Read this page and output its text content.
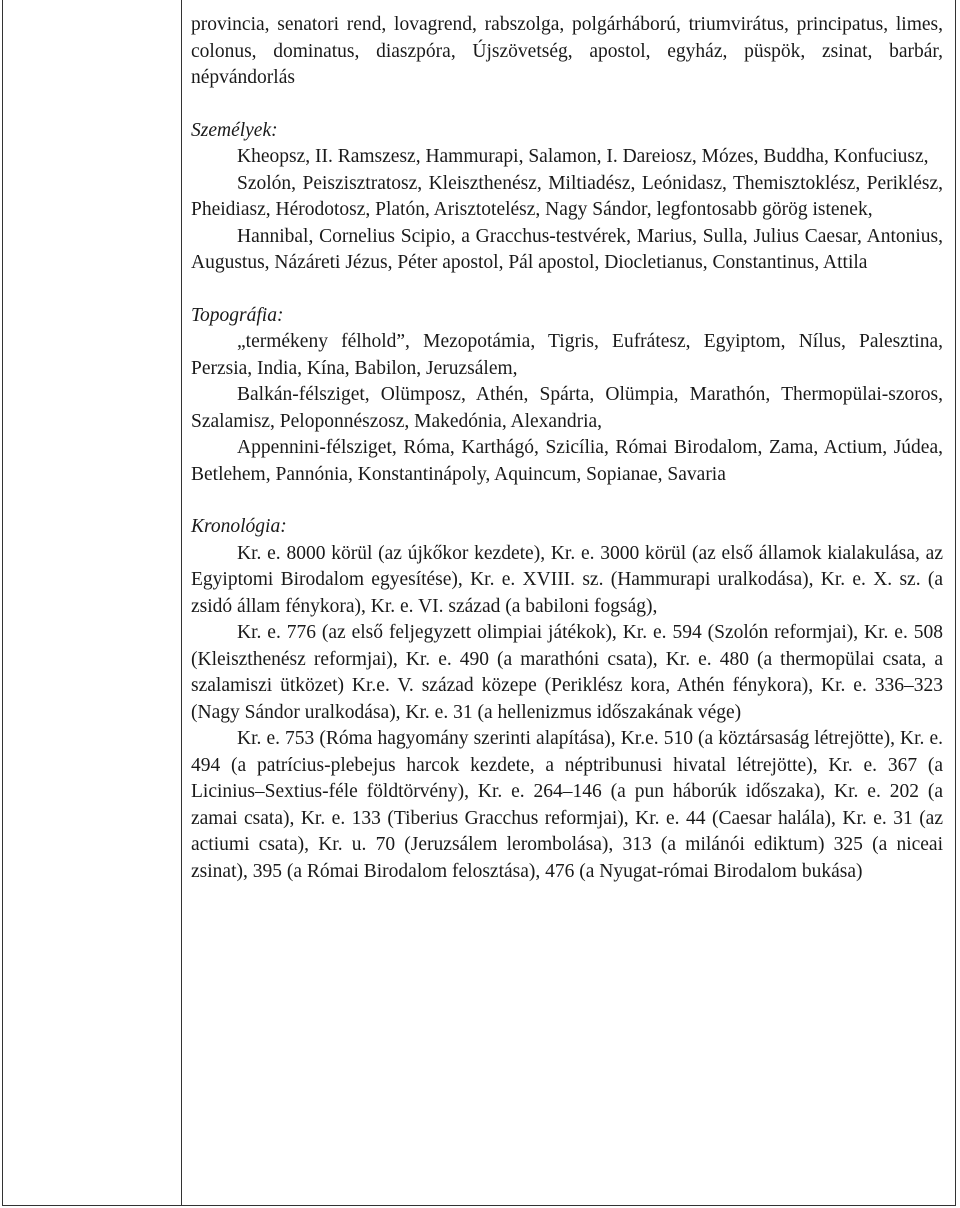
provincia, senatori rend, lovagrend, rabszolga, polgárháború, triumvirátus, principatus, limes, colonus, dominatus, diaszpóra, Újszövetség, apostol, egyház, püspök, zsinat, barbár, népvándorlás

Személyek:

Kheopsz, II. Ramszesz, Hammurapi, Salamon, I. Dareiosz, Mózes, Buddha, Konfuciusz,

Szolón, Peiszisztratosz, Kleiszthenész, Miltiadész, Leónidasz, Themisztoklész, Periklész, Pheidiasz, Hérodotosz, Platón, Arisztotelész, Nagy Sándor, legfontosabb görög istenek,

Hannibal, Cornelius Scipio, a Gracchus-testvérek, Marius, Sulla, Julius Caesar, Antonius, Augustus, Názáreti Jézus, Péter apostol, Pál apostol, Diocletianus, Constantinus, Attila

Topográfia:

„termékeny félhold”, Mezopotámia, Tigris, Eufrátesz, Egyiptom, Nílus, Palesztina, Perzsia, India, Kína, Babilon, Jeruzsálem,

Balkán-félsziget, Olümposz, Athén, Spárta, Olümpia, Marathón, Thermopülai-szoros, Szalamisz, Peloponnészosz, Makedónia, Alexandria,

Appennini-félsziget, Róma, Karthágó, Szicília, Római Birodalom, Zama, Actium, Júdea, Betlehem, Pannónia, Konstantinápoly, Aquincum, Sopianae, Savaria

Kronológia:

Kr. e. 8000 körül (az újkőkor kezdete), Kr. e. 3000 körül (az első államok kialakulása, az Egyiptomi Birodalom egyesítése), Kr. e. XVIII. sz. (Hammurapi uralkodása), Kr. e. X. sz. (a zsidó állam fénykora), Kr. e. VI. század (a babiloni fogság),

Kr. e. 776 (az első feljegyzett olimpiai játékok), Kr. e. 594 (Szolón reformjai), Kr. e. 508 (Kleiszthenész reformjai), Kr. e. 490 (a marathóni csata), Kr. e. 480 (a thermopülai csata, a szalamiszi ütközet) Kr.e. V. század közepe (Periklész kora, Athén fénykora), Kr. e. 336–323 (Nagy Sándor uralkodása), Kr. e. 31 (a hellenizmus időszakának vége)

Kr. e. 753 (Róma hagyomány szerinti alapítása), Kr.e. 510 (a köztársaság létrejötte), Kr. e. 494 (a patrícius-plebejus harcok kezdete, a néptribunusi hivatal létrejötte), Kr. e. 367 (a Licinius–Sextius-féle földtörvény), Kr. e. 264–146 (a pun háborúk időszaka), Kr. e. 202 (a zamai csata), Kr. e. 133 (Tiberius Gracchus reformjai), Kr. e. 44 (Caesar halála), Kr. e. 31 (az actiumi csata), Kr. u. 70 (Jeruzsálem lerombolása), 313 (a milánói ediktum) 325 (a niceai zsinat), 395 (a Római Birodalom felosztása), 476 (a Nyugat-római Birodalom bukása)
